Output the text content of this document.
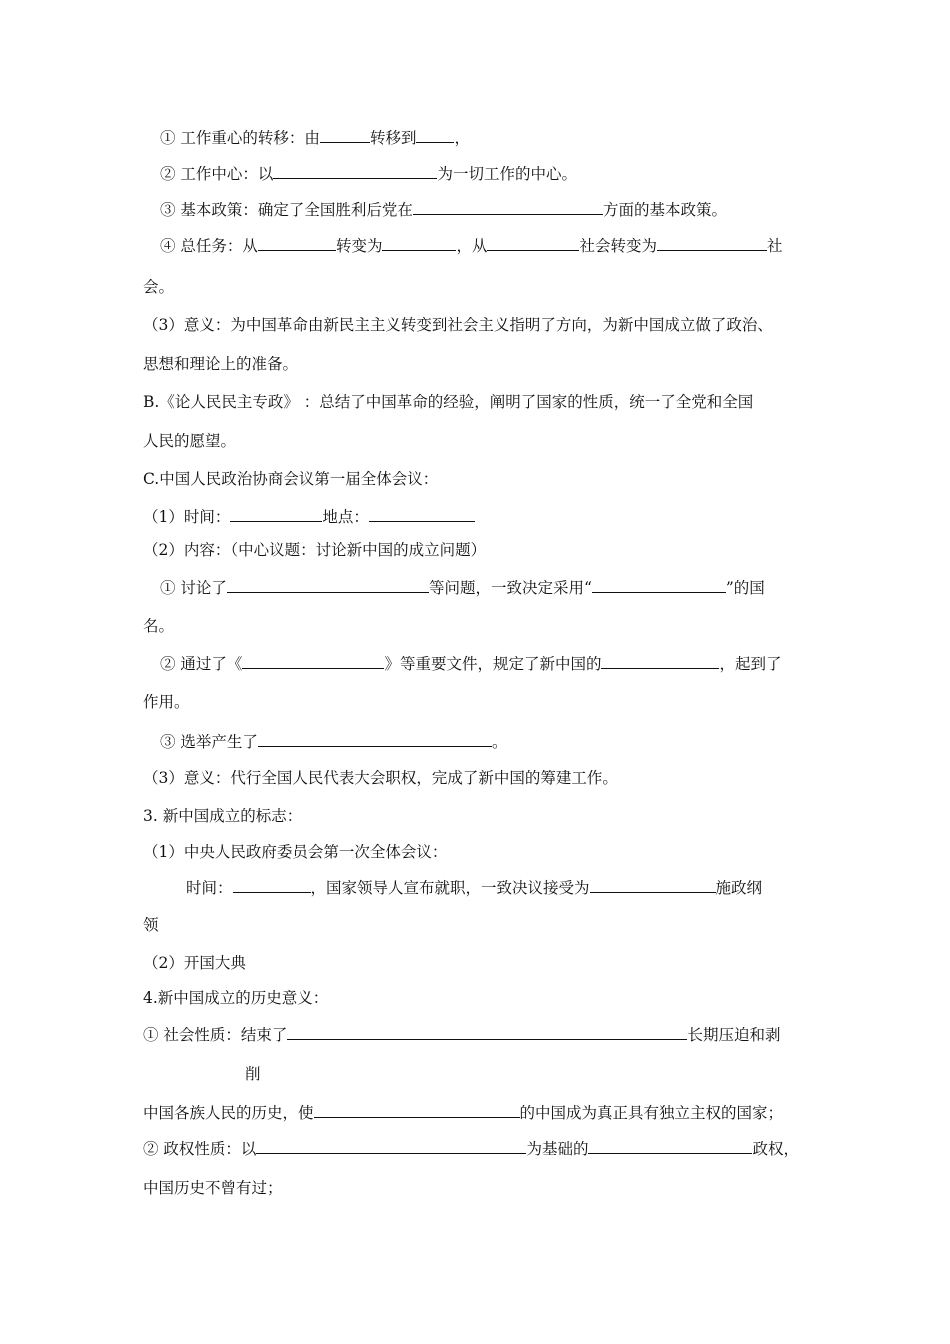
① 工作重心的转移：由	转移到 ，
② 工作中心：以	为一切工作的中心。
③ 基本政策：确定了全国胜利后党在	方面的基本政策。
④ 总任务：从	转变为	，从	社会转变为	社
会。
（3）意义：为中国革命由新民主主义转变到社会主义指明了方向，为新中国成立做了政治、
思想和理论上的准备。
B.《论人民民主专政》 ：总结了中国革命的经验，阐明了国家的性质，统一了全党和全国
人民的愿望。
C.中国人民政治协商会议第一届全体会议：
（1）时间：	地点：
（2）内容：（中心议题：讨论新中国的成立问题）
① 讨论了	等问题，一致决定采用“	”的国
名。
② 通过了《	》等重要文件，规定了新中国的	，起到了
作用。
③ 选举产生了	。
（3）意义：代行全国人民代表大会职权，完成了新中国的筹建工作。
3. 新中国成立的标志：
（1）中央人民政府委员会第一次全体会议：
时间：	，国家领导人宣布就职，一致决议接受为	施政纲
领
（2）开国大典
4.新中国成立的历史意义：
① 社会性质：结束了	长期压迫和剥
削
中国各族人民的历史，使	的中国成为真正具有独立主权的国家；
② 政权性质：以	为基础的	政权，
中国历史不曾有过；
